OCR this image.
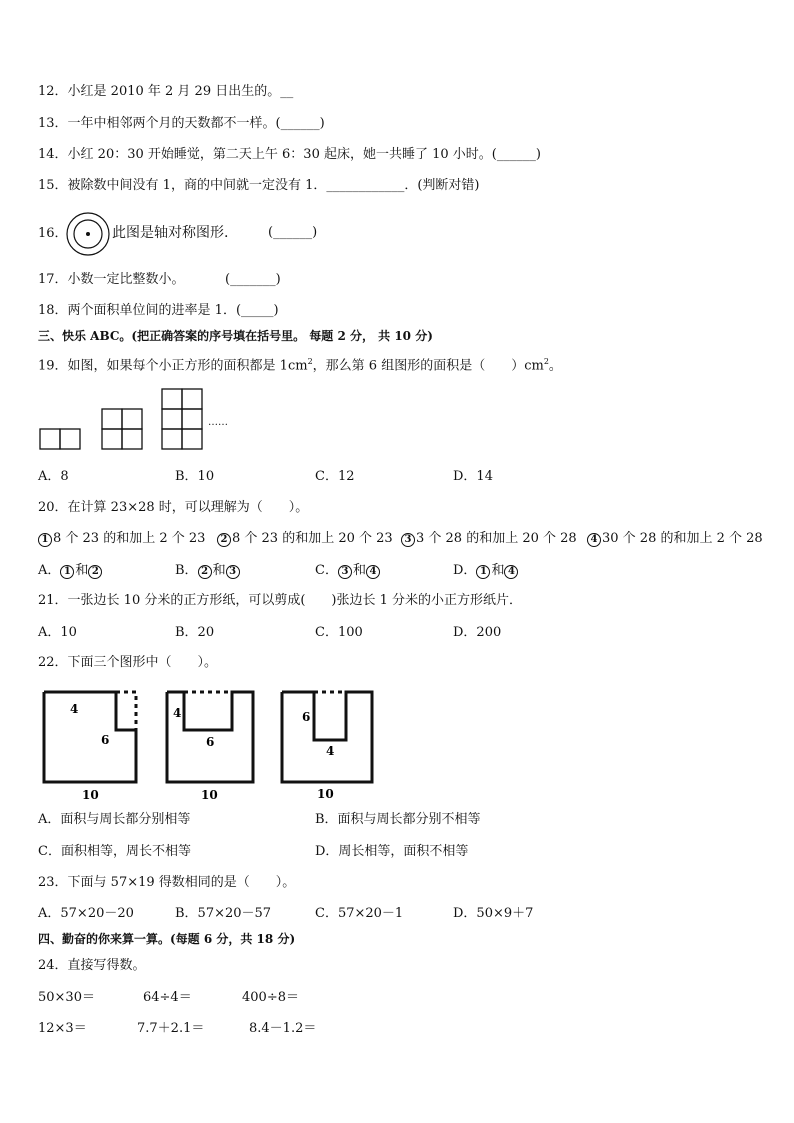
12．小红是 2010 年 2 月 29 日出生的。__
13．一年中相邻两个月的天数都不一样。(______)
14．小红 20：30 开始睡觉，第二天上午 6：30 起床，她一共睡了 10 小时。(______)
15．被除数中间没有 1，商的中间就一定没有 1．____________．(判断对错)
16．	此图是轴对称图形.	(______)
17．小数一定比整数小。	(_______)
18．两个面积单位间的进率是 1．(_____)
三、快乐 ABC。(把正确答案的序号填在括号里。 每题 2 分， 共 10 分)
19．如图，如果每个小正方形的面积都是 $1cm^2$，那么第 6 组图形的面积是（　　）$cm^2$。
……
A．8	B．10	C．12	D．14
20．在计算 23×28 时，可以理解为（　　）。
1 8 个 23 的和加上 2 个 23	2 8 个 23 的和加上 20 个 23	3 3 个 28 的和加上 20 个 28	4 30 个 28 的和加上 2 个 28
A． 1 和 2	B． 2 和 3	C． 3 和 4	D． 1 和 4
21．一张边长 10 分米的正方形纸，可以剪成(　　)张边长 1 分米的小正方形纸片．
A．10	B．20	C．100	D．200
22．下面三个图形中（　　）。
4
6
10
4
6
10
6
4
10
A．面积与周长都分别相等	B．面积与周长都分别不相等
C．面积相等，周长不相等	D．周长相等，面积不相等
23．下面与 57×19 得数相同的是（　　）。
A．57×20－20	B．57×20－57	C．57×20－1	D．50×9＋7
四、勤奋的你来算一算。(每题 6 分，共 18 分)
24．直接写得数。
50×30＝	64÷4＝	400÷8＝
12×3＝	7.7＋2.1＝	8.4－1.2＝
